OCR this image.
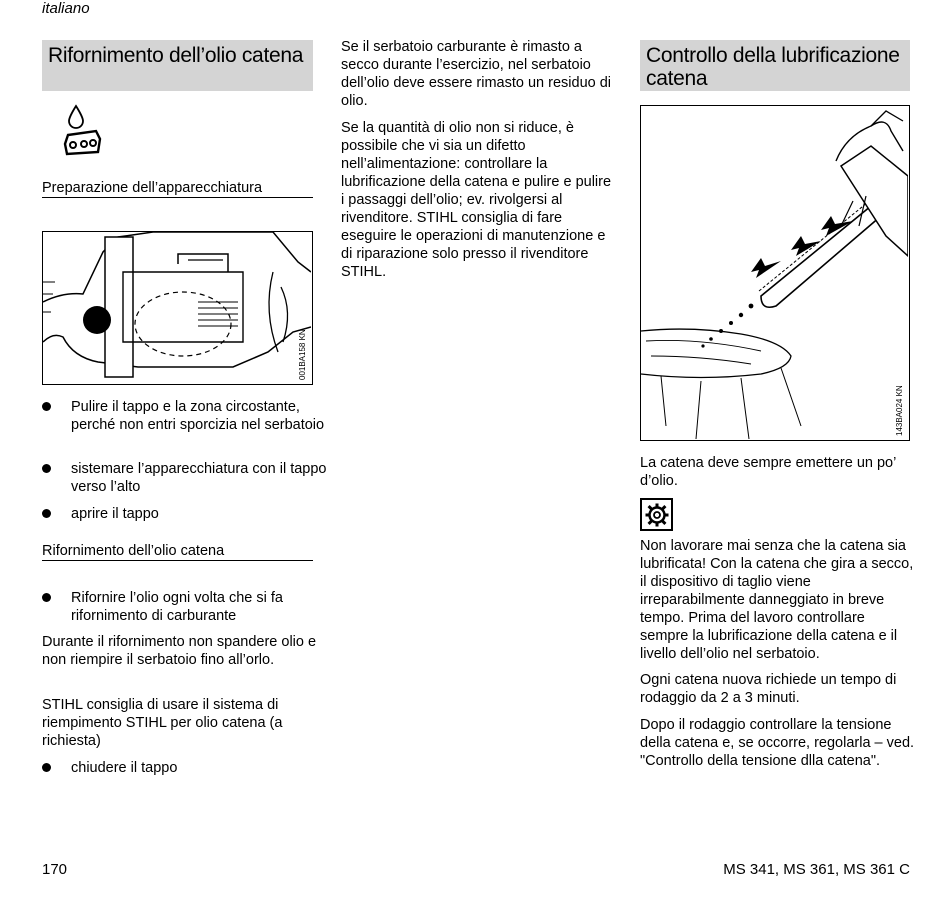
italiano
Rifornimento dell’olio catena
Preparazione dell’apparecchiatura
001BA158 KN
Pulire il tappo e la zona circostante, perché non entri sporcizia nel serbatoio
sistemare l’apparecchiatura con il tappo verso l’alto
aprire il tappo
Rifornimento dell’olio catena
Rifornire l’olio ogni volta che si fa rifornimento di carburante
Durante il rifornimento non spandere olio e non riempire il serbatoio fino all’orlo.
STIHL consiglia di usare il sistema di riempimento STIHL per olio catena (a richiesta)
chiudere il tappo
Se il serbatoio carburante è rimasto a secco durante l’esercizio, nel serbatoio dell’olio deve essere rimasto un residuo di olio.
Se la quantità di olio non si riduce, è possibile che vi sia un difetto nell’alimentazione: controllare la lubrificazione della catena e pulire e pulire i passaggi dell’olio; ev. rivolgersi al rivenditore. STIHL consiglia di fare eseguire le operazioni di manutenzione e di riparazione solo presso il rivenditore STIHL.
Controllo della lubrificazione catena
143BA024 KN
La catena deve sempre emettere un po’ d’olio.
Non lavorare mai senza che la catena sia lubrificata! Con la catena che gira a secco, il dispositivo di taglio viene irreparabilmente danneggiato in breve tempo. Prima del lavoro controllare sempre la lubrificazione della catena e il livello dell’olio nel serbatoio.
Ogni catena nuova richiede un tempo di rodaggio da 2 a 3 minuti.
Dopo il rodaggio controllare la tensione della catena e, se occorre, regolarla – ved. "Controllo della tensione dlla catena".
170	MS 341, MS 361, MS 361 C
